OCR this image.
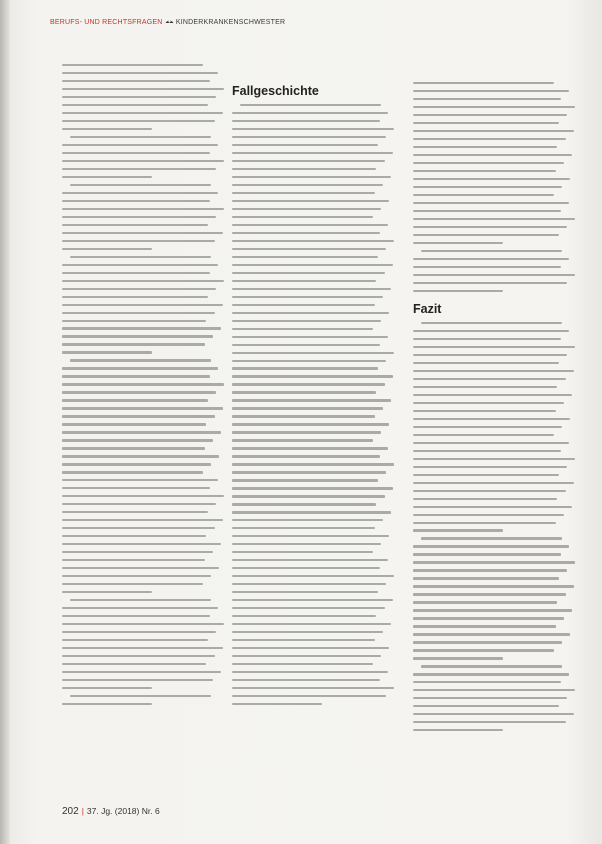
BERUFS- UND RECHTSFRAGEN KINDERKRANKENSCHWESTER
Fallgeschichte
Fazit
202 | 37. Jg. (2018) Nr. 6
